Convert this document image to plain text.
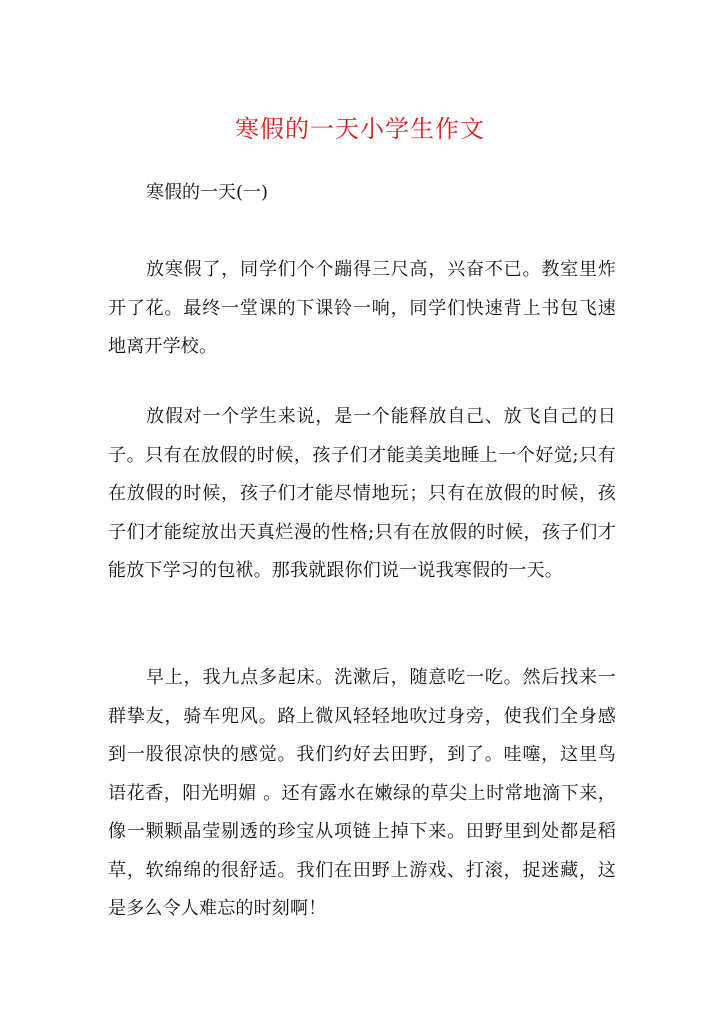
寒假的一天小学生作文

寒假的一天(一)

放寒假了，同学们个个蹦得三尺高，兴奋不已。教室里炸开了花。最终一堂课的下课铃一响，同学们快速背上书包飞速地离开学校。

放假对一个学生来说，是一个能释放自己、放飞自己的日子。只有在放假的时候，孩子们才能美美地睡上一个好觉;只有在放假的时候，孩子们才能尽情地玩；只有在放假的时候，孩子们才能绽放出天真烂漫的性格;只有在放假的时候，孩子们才能放下学习的包袱。那我就跟你们说一说我寒假的一天。

早上，我九点多起床。洗漱后，随意吃一吃。然后找来一群挚友，骑车兜风。路上微风轻轻地吹过身旁，使我们全身感到一股很凉快的感觉。我们约好去田野，到了。哇噻，这里鸟语花香，阳光明媚 。还有露水在嫩绿的草尖上时常地滴下来，像一颗颗晶莹剔透的珍宝从项链上掉下来。田野里到处都是稻草，软绵绵的很舒适。我们在田野上游戏、打滚，捉迷藏，这是多么令人难忘的时刻啊！
